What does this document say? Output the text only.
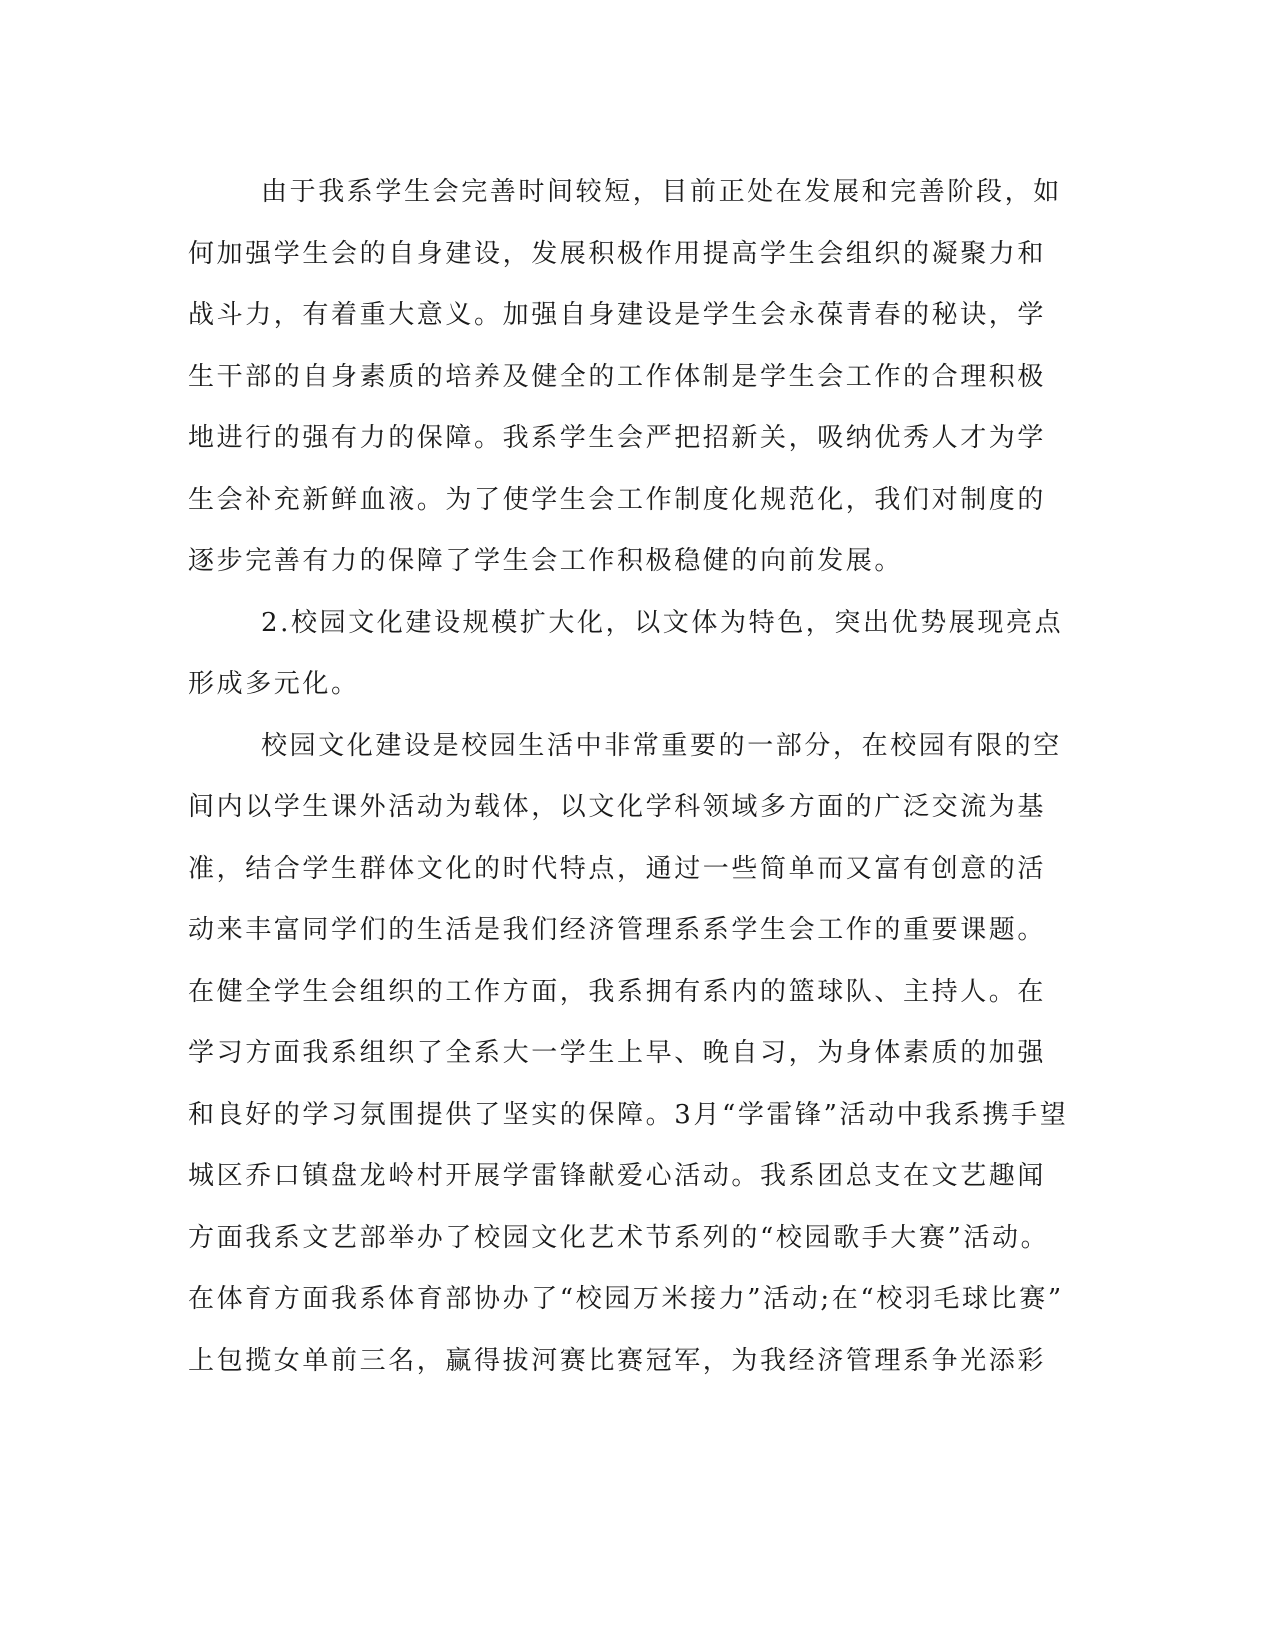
由于我系学生会完善时间较短，目前正处在发展和完善阶段，如
何加强学生会的自身建设，发展积极作用提高学生会组织的凝聚力和
战斗力，有着重大意义。加强自身建设是学生会永葆青春的秘诀，学
生干部的自身素质的培养及健全的工作体制是学生会工作的合理积极
地进行的强有力的保障。我系学生会严把招新关，吸纳优秀人才为学
生会补充新鲜血液。为了使学生会工作制度化规范化，我们对制度的
逐步完善有力的保障了学生会工作积极稳健的向前发展。
2.校园文化建设规模扩大化，以文体为特色，突出优势展现亮点
形成多元化。
校园文化建设是校园生活中非常重要的一部分，在校园有限的空
间内以学生课外活动为载体，以文化学科领域多方面的广泛交流为基
准，结合学生群体文化的时代特点，通过一些简单而又富有创意的活
动来丰富同学们的生活是我们经济管理系系学生会工作的重要课题。
在健全学生会组织的工作方面，我系拥有系内的篮球队、主持人。在
学习方面我系组织了全系大一学生上早、晚自习，为身体素质的加强
和良好的学习氛围提供了坚实的保障。3月“学雷锋”活动中我系携手望
城区乔口镇盘龙岭村开展学雷锋献爱心活动。我系团总支在文艺趣闻
方面我系文艺部举办了校园文化艺术节系列的“校园歌手大赛”活动。
在体育方面我系体育部协办了“校园万米接力”活动;在“校羽毛球比赛”
上包揽女单前三名，赢得拔河赛比赛冠军，为我经济管理系争光添彩
